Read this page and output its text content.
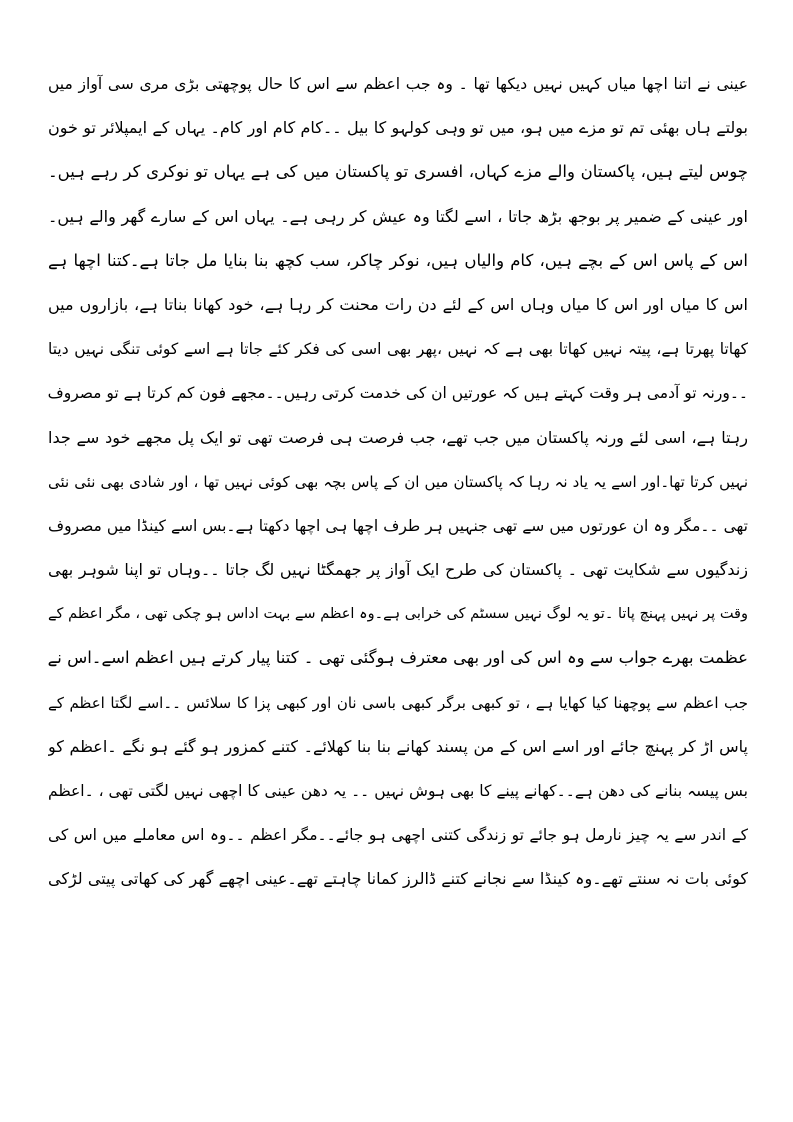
عینی نے اتنا اچھا میاں کہیں نہیں دیکھا تھا ۔ وہ جب اعظم سے اس کا حال پوچھتی بڑی مری سی آواز میں
بولتے ہاں بھئی تم تو مزے میں ہو، میں تو وہی کولہو کا بیل ۔۔کام کام اور کام۔ یہاں کے ایمپلائر تو خون
چوس لیتے ہیں، پاکستان والے مزے کہاں، افسری تو پاکستان میں کی ہے یہاں تو نوکری کر رہے ہیں۔
اور عینی کے ضمیر پر بوجھ بڑھ جاتا ، اسے لگتا وہ عیش کر رہی ہے۔ یہاں اس کے سارے گھر والے ہیں۔
اس کے پاس اس کے بچے ہیں، کام والیاں ہیں، نوکر چاکر، سب کچھ بنا بنایا مل جاتا ہے۔کتنا اچھا ہے
اس کا میاں اور اس کا میاں وہاں اس کے لئے دن رات محنت کر رہا ہے، خود کھانا بناتا ہے، بازاروں میں
کھاتا پھرتا ہے، پیتہ نہیں کھاتا بھی ہے کہ نہیں ،پھر بھی اسی کی فکر کئے جاتا ہے اسے کوئی تنگی نہیں دیتا
۔۔ورنہ تو آدمی ہر وقت کہتے ہیں کہ عورتیں ان کی خدمت کرتی رہیں۔۔مجھے فون کم کرتا ہے تو مصروف
رہتا ہے، اسی لئے ورنہ پاکستان میں جب تھے، جب فرصت ہی فرصت تھی تو ایک پل مجھے خود سے جدا
نہیں کرتا تھا۔اور اسے یہ یاد نہ رہا کہ پاکستان میں ان کے پاس بچہ بھی کوئی نہیں تھا ، اور شادی بھی نئی نئی
تھی ۔۔مگر وہ ان عورتوں میں سے تھی جنہیں ہر طرف اچھا ہی اچھا دکھتا ہے۔بس اسے کینڈا میں مصروف
زندگیوں سے شکایت تھی ۔ پاکستان کی طرح ایک آواز پر جھمگٹا نہیں لگ جاتا ۔۔وہاں تو اپنا شوہر بھی
وقت پر نہیں پہنچ پاتا ۔تو یہ لوگ نہیں سسٹم کی خرابی ہے۔وہ اعظم سے بہت اداس ہو چکی تھی ، مگر اعظم کے
عظمت بھرے جواب سے وہ اس کی اور بھی معترف ہوگئی تھی ۔ کتنا پیار کرتے ہیں اعظم اسے۔اس نے
جب اعظم سے پوچھنا کیا کھایا ہے ، تو کبھی برگر کبھی باسی نان اور کبھی پزا کا سلائس ۔۔اسے لگتا اعظم کے
پاس اڑ کر پہنچ جائے اور اسے اس کے من پسند کھانے بنا بنا کھلائے۔ کتنے کمزور ہو گئے ہو نگے ۔اعظم کو
بس پیسہ بنانے کی دھن ہے۔۔کھانے پینے کا بھی ہوش نہیں ۔۔ یہ دھن عینی کا اچھی نہیں لگتی تھی ، ۔اعظم
کے اندر سے یہ چیز نارمل ہو جائے تو زندگی کتنی اچھی ہو جائے۔۔مگر اعظم ۔۔وہ اس معاملے میں اس کی
کوئی بات نہ سنتے تھے۔وہ کینڈا سے نجانے کتنے ڈالرز کمانا چاہتے تھے۔عینی اچھے گھر کی کھاتی پیتی لڑکی
